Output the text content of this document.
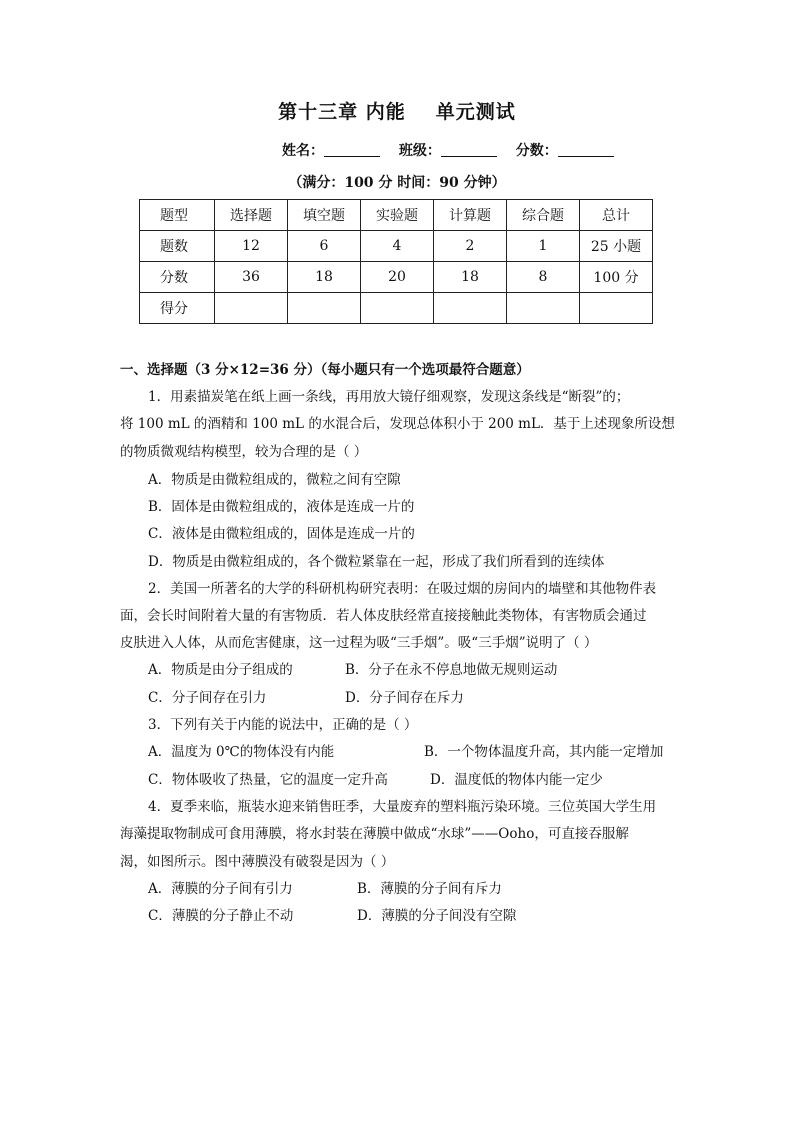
第十三章 内能 单元测试
姓名：	班级：	分数：
（满分：100 分 时间：90 分钟）
题型	选择题	填空题	实验题	计算题	综合题	总计
题数	12	6	4	2	1	25 小题
分数	36	18	20	18	8	100 分
得分						
一、选择题（3 分×12=36 分）（每小题只有一个选项最符合题意）
1．用素描炭笔在纸上画一条线，再用放大镜仔细观察，发现这条线是“断裂”的；
将 100 mL 的酒精和 100 mL 的水混合后，发现总体积小于 200 mL．基于上述现象所设想
的物质微观结构模型，较为合理的是（ ）
A．物质是由微粒组成的，微粒之间有空隙
B．固体是由微粒组成的，液体是连成一片的
C．液体是由微粒组成的，固体是连成一片的
D．物质是由微粒组成的，各个微粒紧靠在一起，形成了我们所看到的连续体
2．美国一所著名的大学的科研机构研究表明：在吸过烟的房间内的墙壁和其他物件表
面，会长时间附着大量的有害物质．若人体皮肤经常直接接触此类物体，有害物质会通过
皮肤进入人体，从而危害健康，这一过程为吸“三手烟”。吸“三手烟”说明了（ ）
A．物质是由分子组成的	B．分子在永不停息地做无规则运动
C．分子间存在引力	D．分子间存在斥力
3．下列有关于内能的说法中，正确的是（ ）
A．温度为 0℃的物体没有内能	B．一个物体温度升高，其内能一定增加
C．物体吸收了热量，它的温度一定升高	D．温度低的物体内能一定少
4．夏季来临，瓶装水迎来销售旺季，大量废弃的塑料瓶污染环境。三位英国大学生用
海藻提取物制成可食用薄膜，将水封装在薄膜中做成“水球”——Ooho，可直接吞服解
渴，如图所示。图中薄膜没有破裂是因为（ ）
A．薄膜的分子间有引力	B．薄膜的分子间有斥力
C．薄膜的分子静止不动	D．薄膜的分子间没有空隙
